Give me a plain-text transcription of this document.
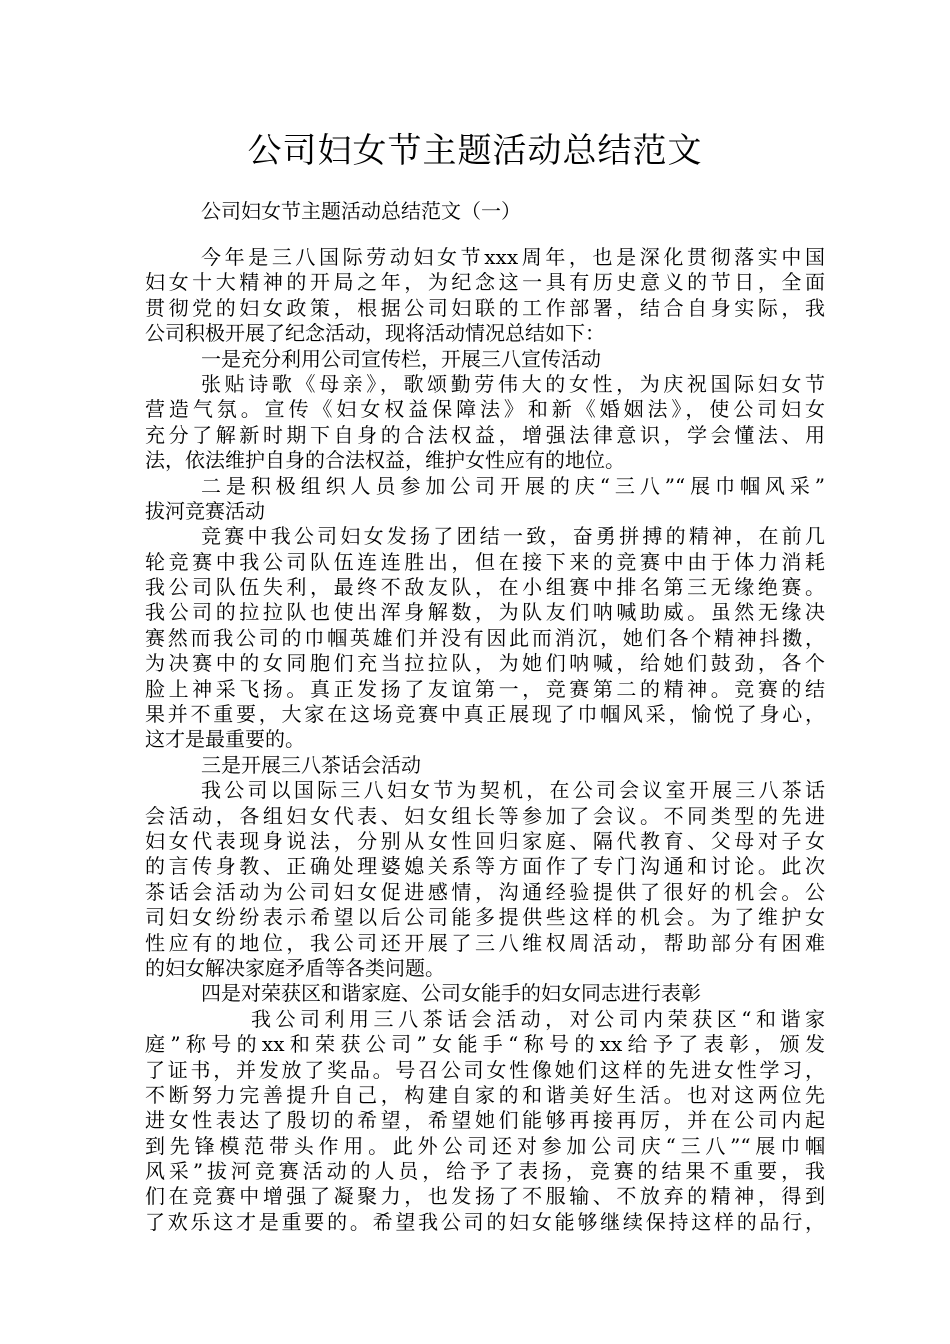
公司妇女节主题活动总结范文
公司妇女节主题活动总结范文（一）
今年是三八国际劳动妇女节xxx周年，也是深化贯彻落实中国
妇女十大精神的开局之年，为纪念这一具有历史意义的节日，全面
贯彻党的妇女政策，根据公司妇联的工作部署，结合自身实际，我
公司积极开展了纪念活动，现将活动情况总结如下：
一是充分利用公司宣传栏，开展三八宣传活动
张贴诗歌《母亲》，歌颂勤劳伟大的女性，为庆祝国际妇女节
营造气氛。宣传《妇女权益保障法》和新《婚姻法》，使公司妇女
充分了解新时期下自身的合法权益，增强法律意识，学会懂法、用
法，依法维护自身的合法权益，维护女性应有的地位。
二是积极组织人员参加公司开展的庆“三八”“展巾帼风采”
拔河竞赛活动
竞赛中我公司妇女发扬了团结一致，奋勇拼搏的精神，在前几
轮竞赛中我公司队伍连连胜出，但在接下来的竞赛中由于体力消耗
我公司队伍失利，最终不敌友队，在小组赛中排名第三无缘绝赛。
我公司的拉拉队也使出浑身解数，为队友们呐喊助威。虽然无缘决
赛然而我公司的巾帼英雄们并没有因此而消沉，她们各个精神抖擞，
为决赛中的女同胞们充当拉拉队，为她们呐喊，给她们鼓劲，各个
脸上神采飞扬。真正发扬了友谊第一，竞赛第二的精神。竞赛的结
果并不重要，大家在这场竞赛中真正展现了巾帼风采，愉悦了身心，
这才是最重要的。
三是开展三八茶话会活动
我公司以国际三八妇女节为契机，在公司会议室开展三八茶话
会活动，各组妇女代表、妇女组长等参加了会议。不同类型的先进
妇女代表现身说法，分别从女性回归家庭、隔代教育、父母对子女
的言传身教、正确处理婆媳关系等方面作了专门沟通和讨论。此次
茶话会活动为公司妇女促进感情，沟通经验提供了很好的机会。公
司妇女纷纷表示希望以后公司能多提供些这样的机会。为了维护女
性应有的地位，我公司还开展了三八维权周活动，帮助部分有困难
的妇女解决家庭矛盾等各类问题。
四是对荣获区和谐家庭、公司女能手的妇女同志进行表彰
我公司利用三八茶话会活动，对公司内荣获区“和谐家
庭”称号的xx和荣获公司”女能手“称号的xx给予了表彰，颁发
了证书，并发放了奖品。号召公司女性像她们这样的先进女性学习，
不断努力完善提升自己，构建自家的和谐美好生活。也对这两位先
进女性表达了殷切的希望，希望她们能够再接再厉，并在公司内起
到先锋模范带头作用。此外公司还对参加公司庆“三八”“展巾帼
风采”拔河竞赛活动的人员，给予了表扬，竞赛的结果不重要，我
们在竞赛中增强了凝聚力，也发扬了不服输、不放弃的精神，得到
了欢乐这才是重要的。希望我公司的妇女能够继续保持这样的品行，
